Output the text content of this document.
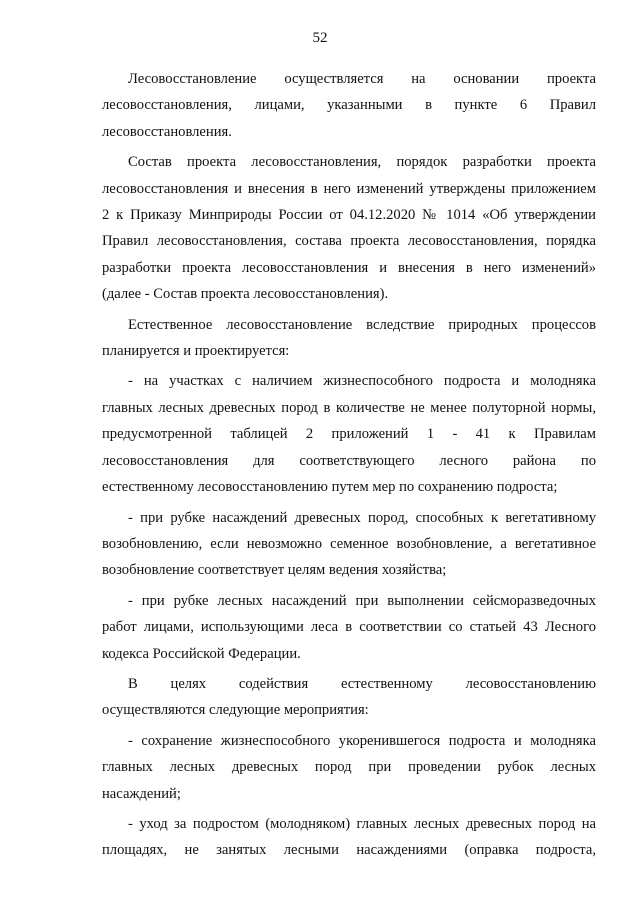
52
Лесовосстановление осуществляется на основании проекта
лесовосстановления, лицами, указанными в пункте 6 Правил
лесовосстановления.
Состав проекта лесовосстановления, порядок разработки проекта
лесовосстановления и внесения в него изменений утверждены приложением
2 к Приказу Минприроды России от 04.12.2020 № 1014 «Об утверждении
Правил лесовосстановления, состава проекта лесовосстановления, порядка
разработки проекта лесовосстановления и внесения в него изменений»
(далее - Состав проекта лесовосстановления).
Естественное лесовосстановление вследствие природных процессов
планируется и проектируется:
- на участках с наличием жизнеспособного подроста и молодняка
главных лесных древесных пород в количестве не менее полуторной нормы,
предусмотренной таблицей 2 приложений 1 - 41 к Правилам
лесовосстановления для соответствующего лесного района по
естественному лесовосстановлению путем мер по сохранению подроста;
- при рубке насаждений древесных пород, способных к вегетативному
возобновлению, если невозможно семенное возобновление, а вегетативное
возобновление соответствует целям ведения хозяйства;
- при рубке лесных насаждений при выполнении сейсморазведочных
работ лицами, использующими леса в соответствии со статьей 43 Лесного
кодекса Российской Федерации.
В целях содействия естественному лесовосстановлению
осуществляются следующие мероприятия:
- сохранение жизнеспособного укоренившегося подроста и молодняка
главных лесных древесных пород при проведении рубок лесных
насаждений;
- уход за подростом (молодняком) главных лесных древесных пород на
площадях, не занятых лесными насаждениями (оправка подроста,
